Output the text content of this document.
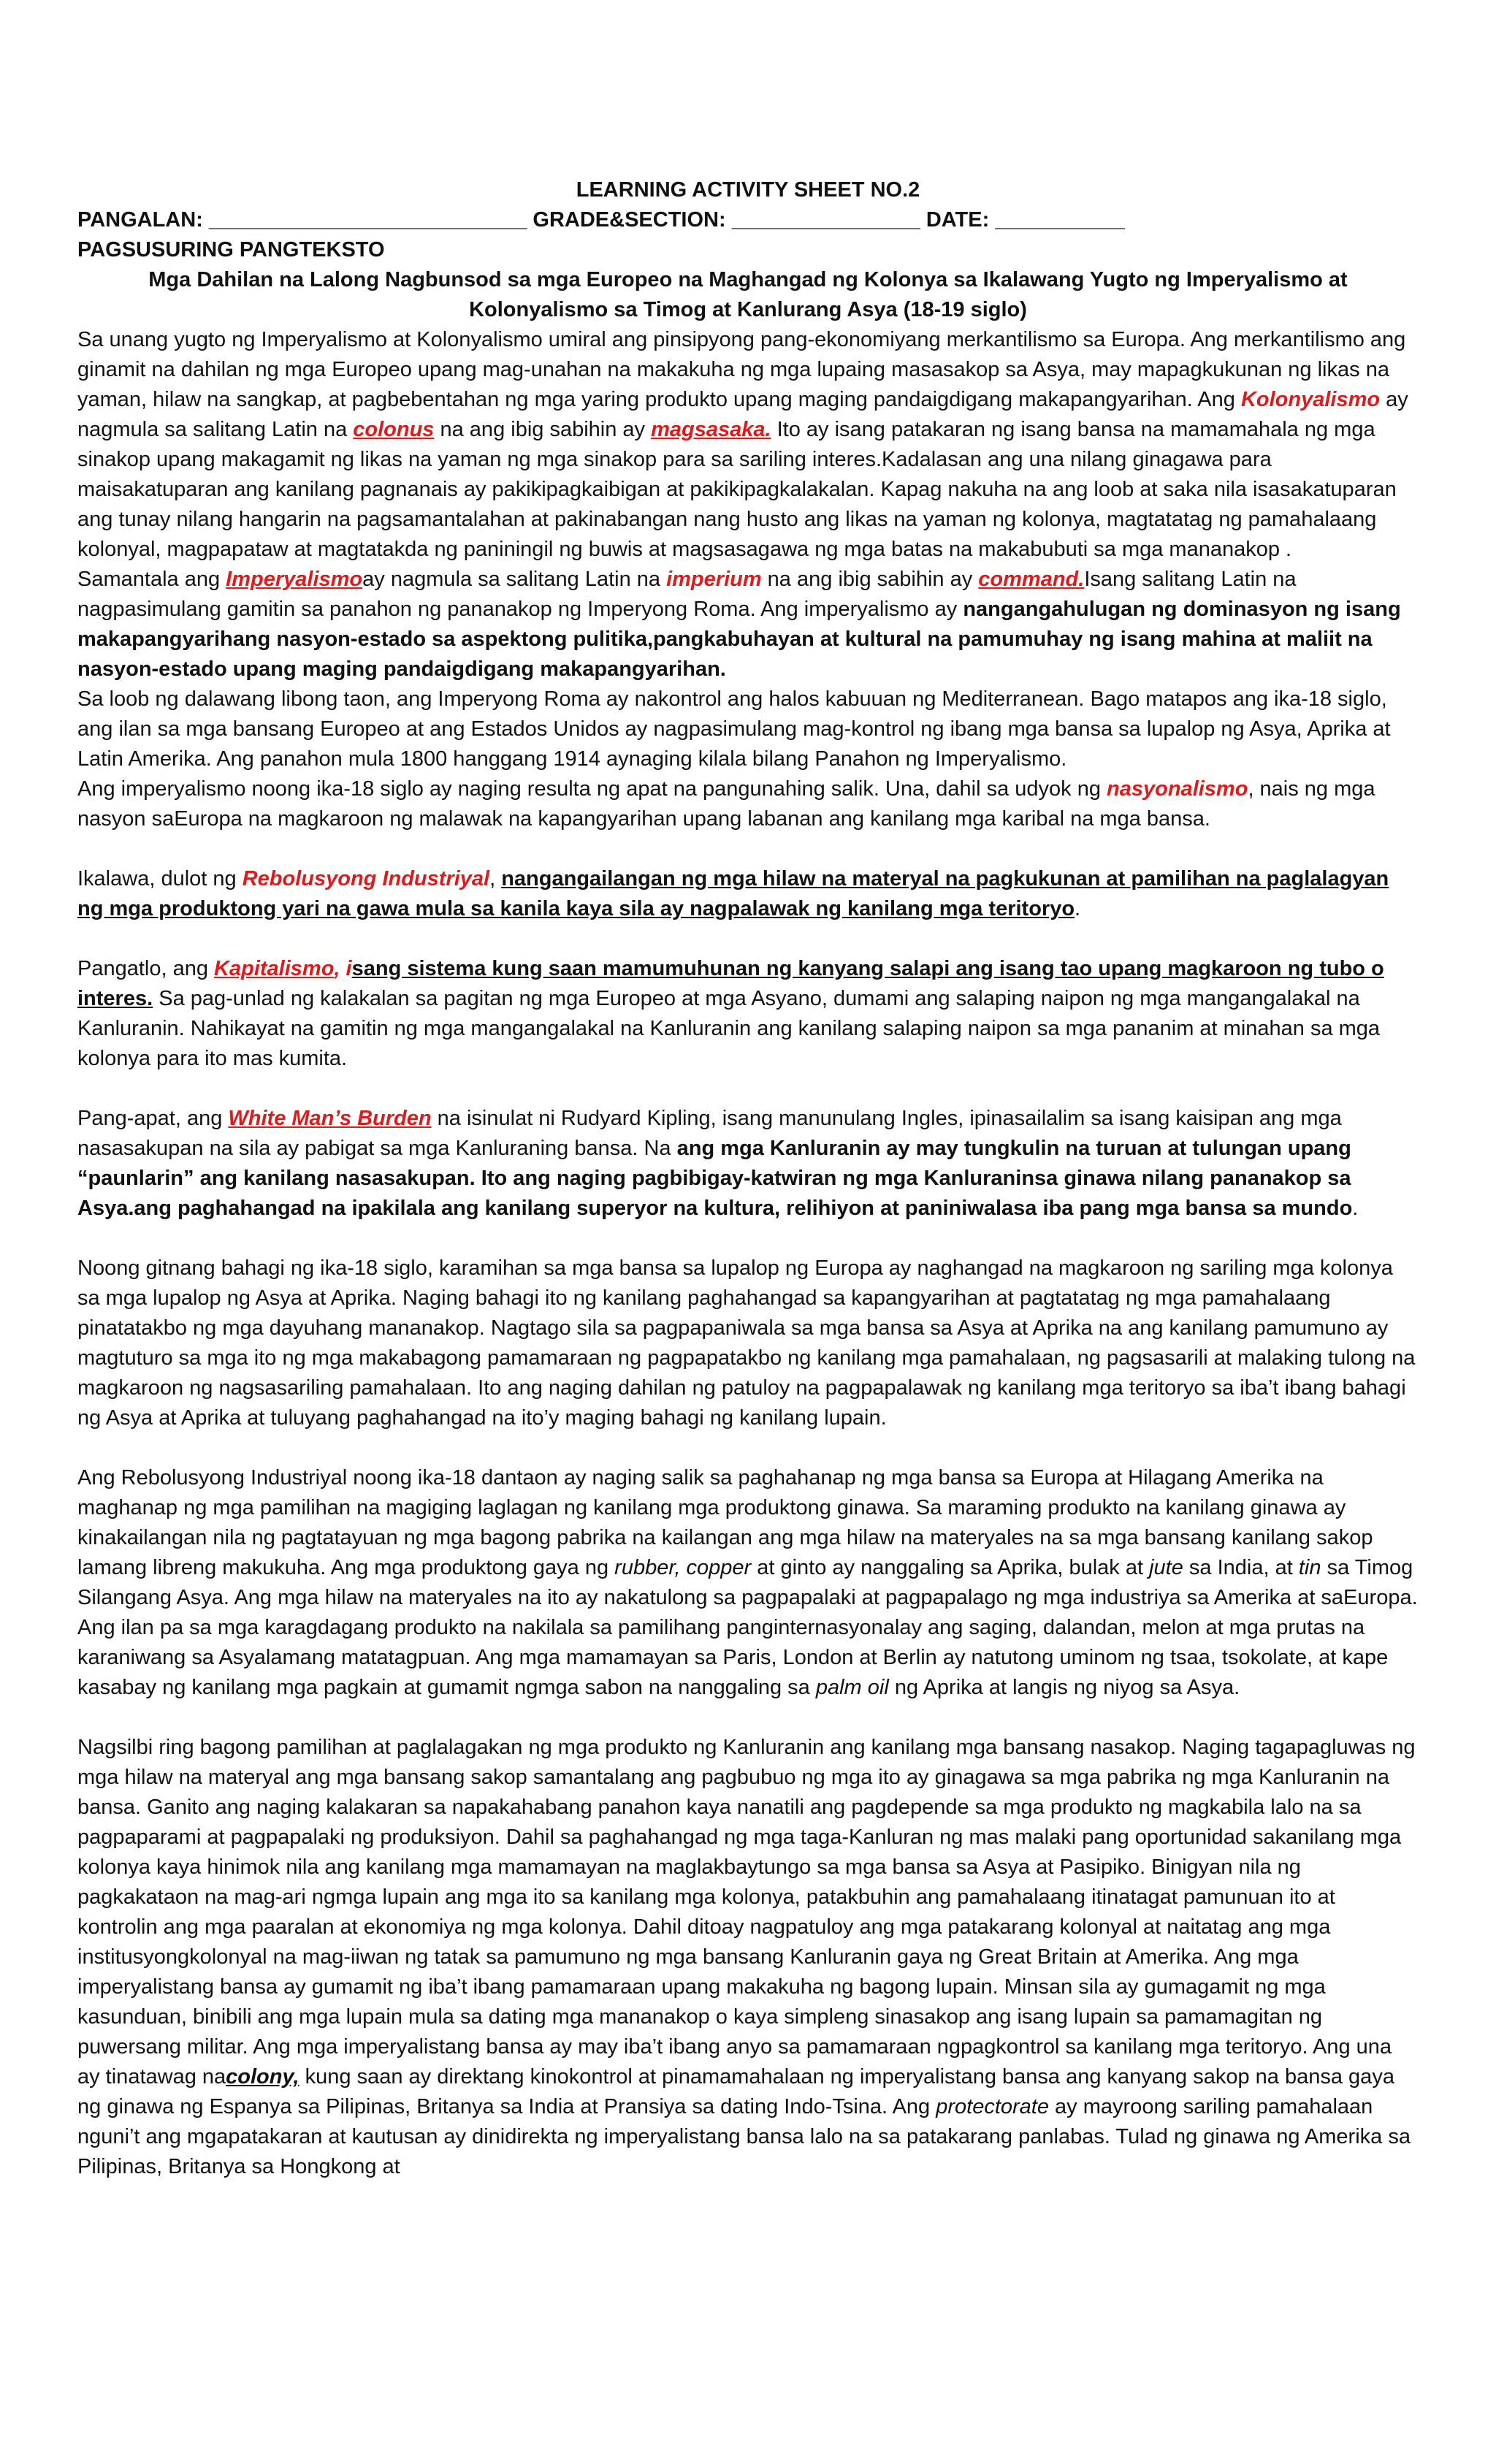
LEARNING ACTIVITY SHEET NO.2

PANGALAN: ___________________________ GRADE&SECTION: ________________ DATE: ___________

PAGSUSURING PANGTEKSTO

Mga Dahilan na Lalong Nagbunsod sa mga Europeo na Maghangad ng Kolonya sa Ikalawang Yugto ng Imperyalismo at Kolonyalismo sa Timog at Kanlurang Asya (18-19 siglo)

Sa unang yugto ng Imperyalismo at Kolonyalismo umiral ang pinsipyong pang-ekonomiyang merkantilismo sa Europa. Ang merkantilismo ang ginamit na dahilan ng mga Europeo upang mag-unahan na makakuha ng mga lupaing masasakop sa Asya, may mapagkukunan ng likas na yaman, hilaw na sangkap, at pagbebentahan ng mga yaring produkto upang maging pandaigdigang makapangyarihan. Ang Kolonyalismo ay nagmula sa salitang Latin na colonus na ang ibig sabihin ay magsasaka. Ito ay isang patakaran ng isang bansa na mamamahala ng mga sinakop upang makagamit ng likas na yaman ng mga sinakop para sa sariling interes.Kadalasan ang una nilang ginagawa para maisakatuparan ang kanilang pagnanais ay pakikipagkaibigan at pakikipagkalakalan. Kapag nakuha na ang loob at saka nila isasakatuparan ang tunay nilang hangarin na pagsamantalahan at pakinabangan nang husto ang likas na yaman ng kolonya, magtatatag ng pamahalaang kolonyal, magpapataw at magtatakda ng paniningil ng buwis at magsasagawa ng mga batas na makabubuti sa mga mananakop .

Samantala ang Imperyalismoay nagmula sa salitang Latin na imperium na ang ibig sabihin ay command.Isang salitang Latin na nagpasimulang gamitin sa panahon ng pananakop ng Imperyong Roma. Ang imperyalismo ay nangangahulugan ng dominasyon ng isang makapangyarihang nasyon-estado sa aspektong pulitika,pangkabuhayan at kultural na pamumuhay ng isang mahina at maliit na nasyon-estado upang maging pandaigdigang makapangyarihan.

Sa loob ng dalawang libong taon, ang Imperyong Roma ay nakontrol ang halos kabuuan ng Mediterranean. Bago matapos ang ika-18 siglo, ang ilan sa mga bansang Europeo at ang Estados Unidos ay nagpasimulang mag-kontrol ng ibang mga bansa sa lupalop ng Asya, Aprika at Latin Amerika. Ang panahon mula 1800 hanggang 1914 aynaging kilala bilang Panahon ng Imperyalismo.

Ang imperyalismo noong ika-18 siglo ay naging resulta ng apat na pangunahing salik. Una, dahil sa udyok ng nasyonalismo, nais ng mga nasyon saEuropa na magkaroon ng malawak na kapangyarihan upang labanan ang kanilang mga karibal na mga bansa.

Ikalawa, dulot ng Rebolusyong Industriyal, nangangailangan ng mga hilaw na materyal na pagkukunan at pamilihan na paglalagyan ng mga produktong yari na gawa mula sa kanila kaya sila ay nagpalawak ng kanilang mga teritoryo.

Pangatlo, ang Kapitalismo, isang sistema kung saan mamumuhunan ng kanyang salapi ang isang tao upang magkaroon ng tubo o interes. Sa pag-unlad ng kalakalan sa pagitan ng mga Europeo at mga Asyano, dumami ang salaping naipon ng mga mangangalakal na Kanluranin. Nahikayat na gamitin ng mga mangangalakal na Kanluranin ang kanilang salaping naipon sa mga pananim at minahan sa mga kolonya para ito mas kumita.

Pang-apat, ang White Man’s Burden na isinulat ni Rudyard Kipling, isang manunulang Ingles, ipinasailalim sa isang kaisipan ang mga nasasakupan na sila ay pabigat sa mga Kanluraning bansa. Na ang mga Kanluranin ay may tungkulin na turuan at tulungan upang “paunlarin” ang kanilang nasasakupan. Ito ang naging pagbibigay-katwiran ng mga Kanluraninsa ginawa nilang pananakop sa Asya.ang paghahangad na ipakilala ang kanilang superyor na kultura, relihiyon at paniniwalasa iba pang mga bansa sa mundo.

Noong gitnang bahagi ng ika-18 siglo, karamihan sa mga bansa sa lupalop ng Europa ay naghangad na magkaroon ng sariling mga kolonya sa mga lupalop ng Asya at Aprika. Naging bahagi ito ng kanilang paghahangad sa kapangyarihan at pagtatatag ng mga pamahalaang pinatatakbo ng mga dayuhang mananakop. Nagtago sila sa pagpapaniwala sa mga bansa sa Asya at Aprika na ang kanilang pamumuno ay magtuturo sa mga ito ng mga makabagong pamamaraan ng pagpapatakbo ng kanilang mga pamahalaan, ng pagsasarili at malaking tulong na magkaroon ng nagsasariling pamahalaan. Ito ang naging dahilan ng patuloy na pagpapalawak ng kanilang mga teritoryo sa iba’t ibang bahagi ng Asya at Aprika at tuluyang paghahangad na ito’y maging bahagi ng kanilang lupain.

Ang Rebolusyong Industriyal noong ika-18 dantaon ay naging salik sa paghahanap ng mga bansa sa Europa at Hilagang Amerika na maghanap ng mga pamilihan na magiging laglagan ng kanilang mga produktong ginawa. Sa maraming produkto na kanilang ginawa ay kinakailangan nila ng pagtatayuan ng mga bagong pabrika na kailangan ang mga hilaw na materyales na sa mga bansang kanilang sakop lamang libreng makukuha. Ang mga produktong gaya ng rubber, copper at ginto ay nanggaling sa Aprika, bulak at jute sa India, at tin sa Timog Silangang Asya. Ang mga hilaw na materyales na ito ay nakatulong sa pagpapalaki at pagpapalago ng mga industriya sa Amerika at saEuropa. Ang ilan pa sa mga karagdagang produkto na nakilala sa pamilihang panginternasyonalay ang saging, dalandan, melon at mga prutas na karaniwang sa Asyalamang matatagpuan. Ang mga mamamayan sa Paris, London at Berlin ay natutong uminom ng tsaa, tsokolate, at kape kasabay ng kanilang mga pagkain at gumamit ngmga sabon na nanggaling sa palm oil ng Aprika at langis ng niyog sa Asya.

Nagsilbi ring bagong pamilihan at paglalagakan ng mga produkto ng Kanluranin ang kanilang mga bansang nasakop. Naging tagapagluwas ng mga hilaw na materyal ang mga bansang sakop samantalang ang pagbubuo ng mga ito ay ginagawa sa mga pabrika ng mga Kanluranin na bansa. Ganito ang naging kalakaran sa napakahabang panahon kaya nanatili ang pagdepende sa mga produkto ng magkabila lalo na sa pagpaparami at pagpapalaki ng produksiyon. Dahil sa paghahangad ng mga taga-Kanluran ng mas malaki pang oportunidad sakanilang mga kolonya kaya hinimok nila ang kanilang mga mamamayan na maglakbaytungo sa mga bansa sa Asya at Pasipiko. Binigyan nila ng pagkakataon na mag-ari ngmga lupain ang mga ito sa kanilang mga kolonya, patakbuhin ang pamahalaang itinatagat pamunuan ito at kontrolin ang mga paaralan at ekonomiya ng mga kolonya. Dahil ditoay nagpatuloy ang mga patakarang kolonyal at naitatag ang mga institusyongkolonyal na mag-iiwan ng tatak sa pamumuno ng mga bansang Kanluranin gaya ng Great Britain at Amerika. Ang mga imperyalistang bansa ay gumamit ng iba’t ibang pamamaraan upang makakuha ng bagong lupain. Minsan sila ay gumagamit ng mga kasunduan, binibili ang mga lupain mula sa dating mga mananakop o kaya simpleng sinasakop ang isang lupain sa pamamagitan ng puwersang militar. Ang mga imperyalistang bansa ay may iba’t ibang anyo sa pamamaraan ngpagkontrol sa kanilang mga teritoryo. Ang una ay tinatawag nacolony, kung saan ay direktang kinokontrol at pinamamahalaan ng imperyalistang bansa ang kanyang sakop na bansa gaya ng ginawa ng Espanya sa Pilipinas, Britanya sa India at Pransiya sa dating Indo-Tsina. Ang protectorate ay mayroong sariling pamahalaan nguni’t ang mgapatakaran at kautusan ay dinidirekta ng imperyalistang bansa lalo na sa patakarang panlabas. Tulad ng ginawa ng Amerika sa Pilipinas, Britanya sa Hongkong at
